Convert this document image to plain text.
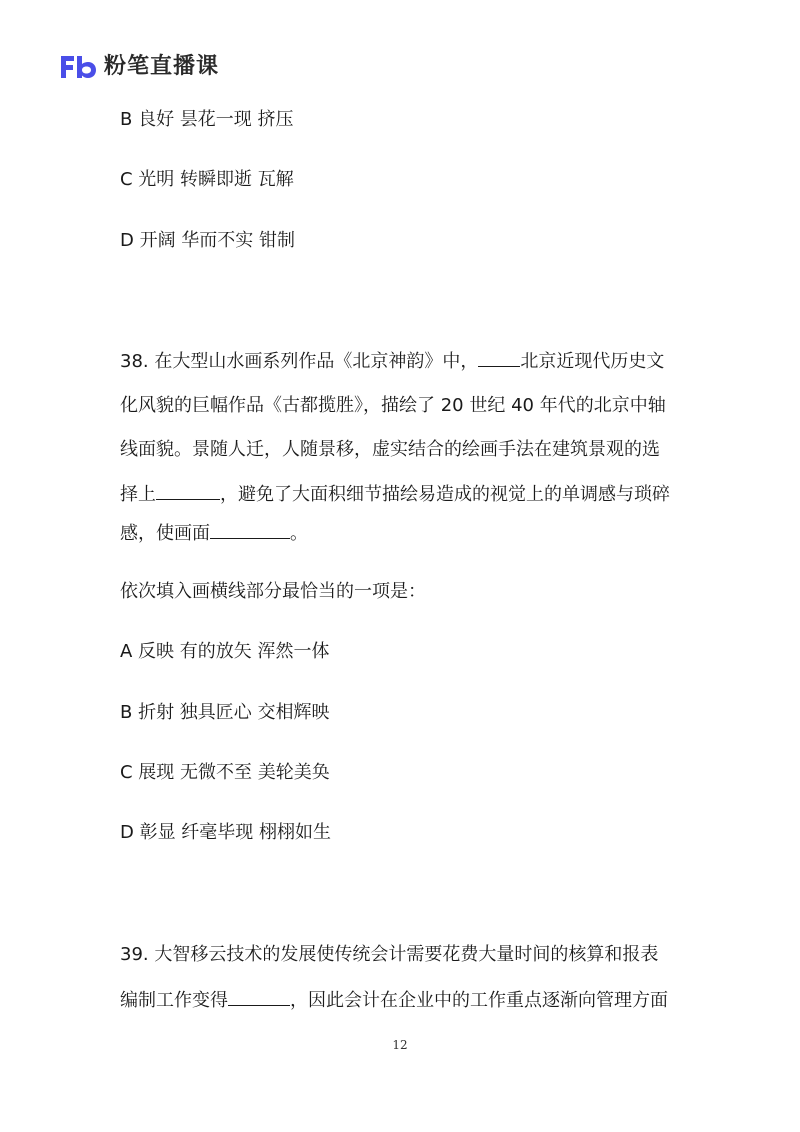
粉笔直播课
B 良好 昙花一现 挤压
C 光明 转瞬即逝 瓦解
D 开阔 华而不实 钳制
38. 在大型山水画系列作品《北京神韵》中， 北京近现代历史文
化风貌的巨幅作品《古都揽胜》，描绘了 20 世纪 40 年代的北京中轴
线面貌。景随人迁，人随景移，虚实结合的绘画手法在建筑景观的选
择上	，避免了大面积细节描绘易造成的视觉上的单调感与琐碎
感，使画面	。
依次填入画横线部分最恰当的一项是：
A 反映 有的放矢 浑然一体
B 折射 独具匠心 交相辉映
C 展现 无微不至 美轮美奂
D 彰显 纤毫毕现 栩栩如生
39. 大智移云技术的发展使传统会计需要花费大量时间的核算和报表
编制工作变得	，因此会计在企业中的工作重点逐渐向管理方面
12
